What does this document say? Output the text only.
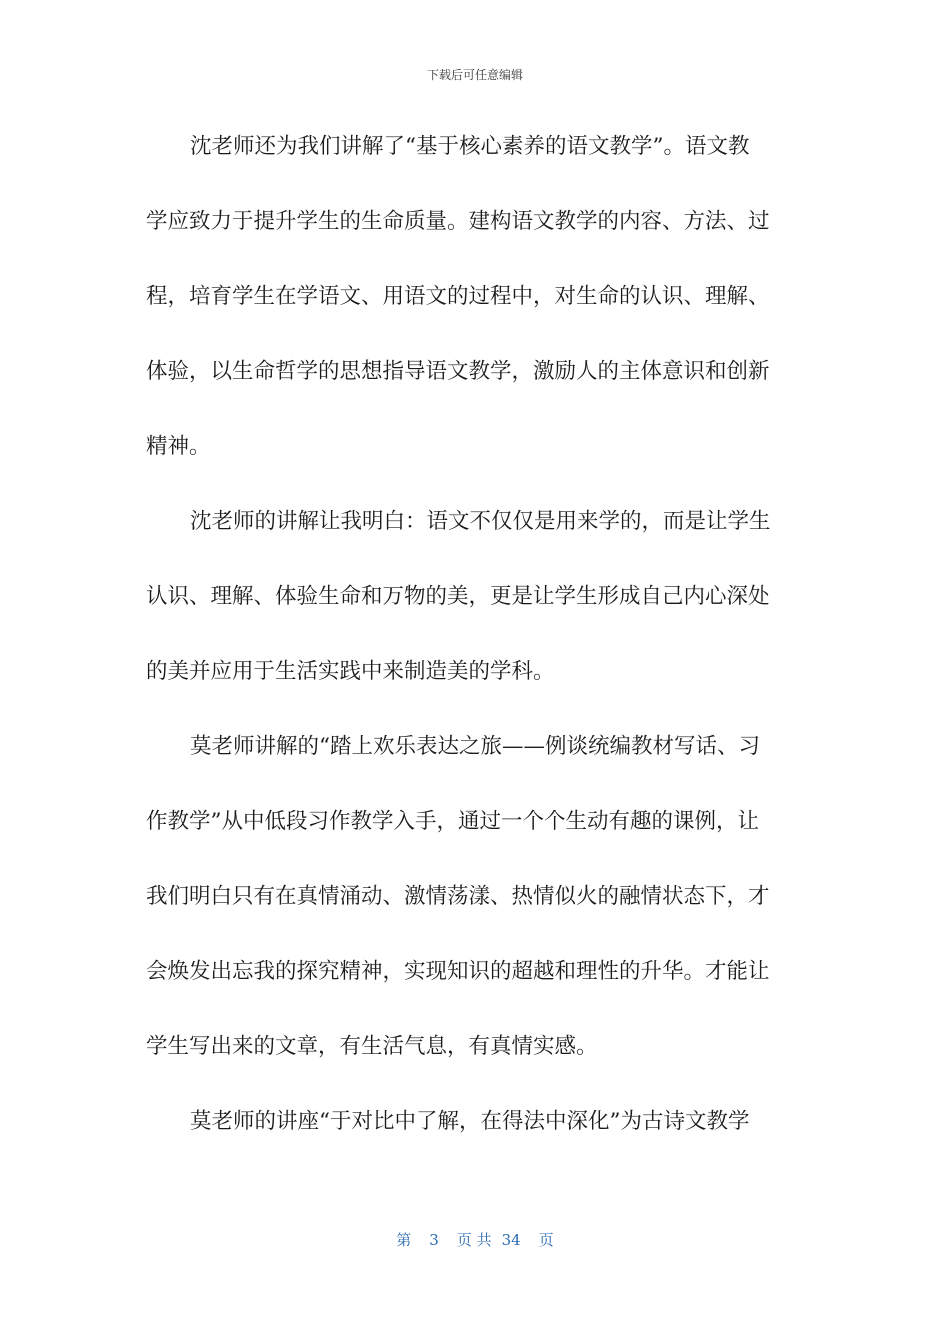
下载后可任意编辑
沈老师还为我们讲解了“基于核心素养的语文教学”。语文教
学应致力于提升学生的生命质量。建构语文教学的内容、方法、过
程，培育学生在学语文、用语文的过程中，对生命的认识、理解、
体验，以生命哲学的思想指导语文教学，激励人的主体意识和创新
精神。
沈老师的讲解让我明白：语文不仅仅是用来学的，而是让学生
认识、理解、体验生命和万物的美，更是让学生形成自己内心深处
的美并应用于生活实践中来制造美的学科。
莫老师讲解的“踏上欢乐表达之旅——例谈统编教材写话、习
作教学”从中低段习作教学入手，通过一个个生动有趣的课例，让
我们明白只有在真情涌动、激情荡漾、热情似火的融情状态下，才
会焕发出忘我的探究精神，实现知识的超越和理性的升华。才能让
学生写出来的文章，有生活气息，有真情实感。
莫老师的讲座“于对比中了解，在得法中深化”为古诗文教学
第 3 页 共 34 页
